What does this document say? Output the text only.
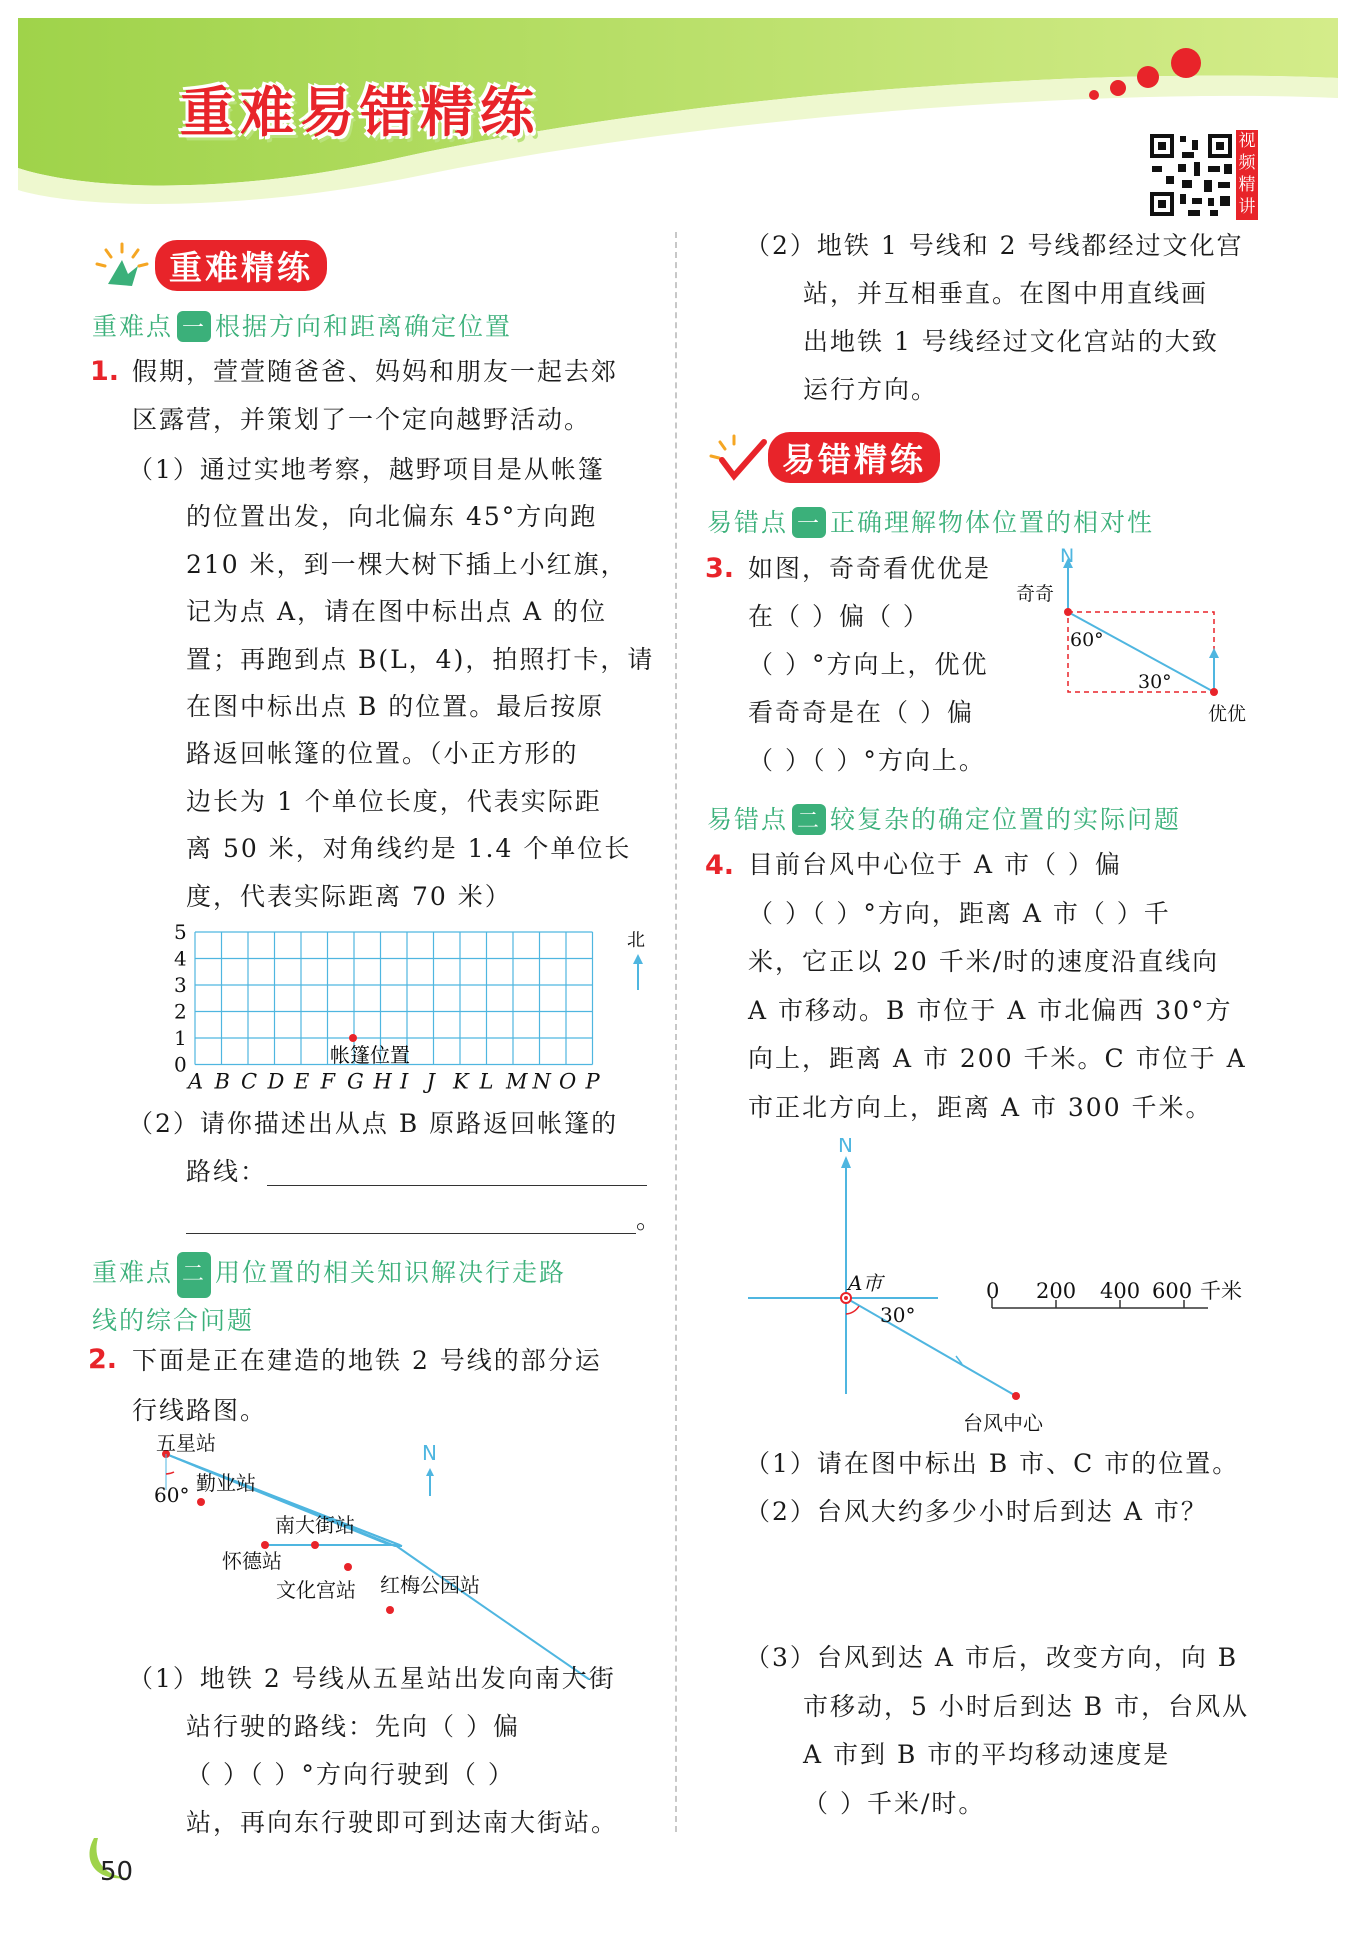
重难易错精练	视频精讲
重难精练
重难点 一 根据方向和距离确定位置
1. 假期，萱萱随爸爸、妈妈和朋友一起去郊
区露营，并策划了一个定向越野活动。
（1）通过实地考察，越野项目是从帐篷
的位置出发，向北偏东 45°方向跑
210 米，到一棵大树下插上小红旗，
记为点 A，请在图中标出点 A 的位
置；再跑到点 B(L，4)，拍照打卡，请
在图中标出点 B 的位置。最后按原
路返回帐篷的位置。（小正方形的
边长为 1 个单位长度，代表实际距
离 50 米，对角线约是 1.4 个单位长
度，代表实际距离 70 米）
5
4
3
2
1
0
A B C D E F G H I J K L M N O P
帐篷位置
北
（2）请你描述出从点 B 原路返回帐篷的
路线：
。
重难点 二 用位置的相关知识解决行走路
线的综合问题
2. 下面是正在建造的地铁 2 号线的部分运
行线路图。
五星站
勤业站
南大街站
怀德站
文化宫站 红梅公园站
60°
N
（1）地铁 2 号线从五星站出发向南大街
站行驶的路线：先向（ ）偏
（ ）（ ）°方向行驶到（ ）
站，再向东行驶即可到达南大街站。
50
（2）地铁 1 号线和 2 号线都经过文化宫
站，并互相垂直。在图中用直线画
出地铁 1 号线经过文化宫站的大致
运行方向。
易错精练
易错点 一 正确理解物体位置的相对性
3. 如图，奇奇看优优是
在（ ）偏（ ）
（ ）°方向上，优优
看奇奇是在（ ）偏
（ ）（ ）°方向上。
N
奇奇
60°
30°
优优
易错点 二 较复杂的确定位置的实际问题
4. 目前台风中心位于 A 市（ ）偏
（ ）（ ）°方向，距离 A 市（ ）千
米，它正以 20 千米/时的速度沿直线向
A 市移动。B 市位于 A 市北偏西 30°方
向上，距离 A 市 200 千米。C 市位于 A
市正北方向上，距离 A 市 300 千米。
N
A市
30°
台风中心
0 200 400 600 千米
（1）请在图中标出 B 市、C 市的位置。
（2）台风大约多少小时后到达 A 市？
（3）台风到达 A 市后，改变方向，向 B
市移动，5 小时后到达 B 市，台风从
A 市到 B 市的平均移动速度是
（ ）千米/时。
